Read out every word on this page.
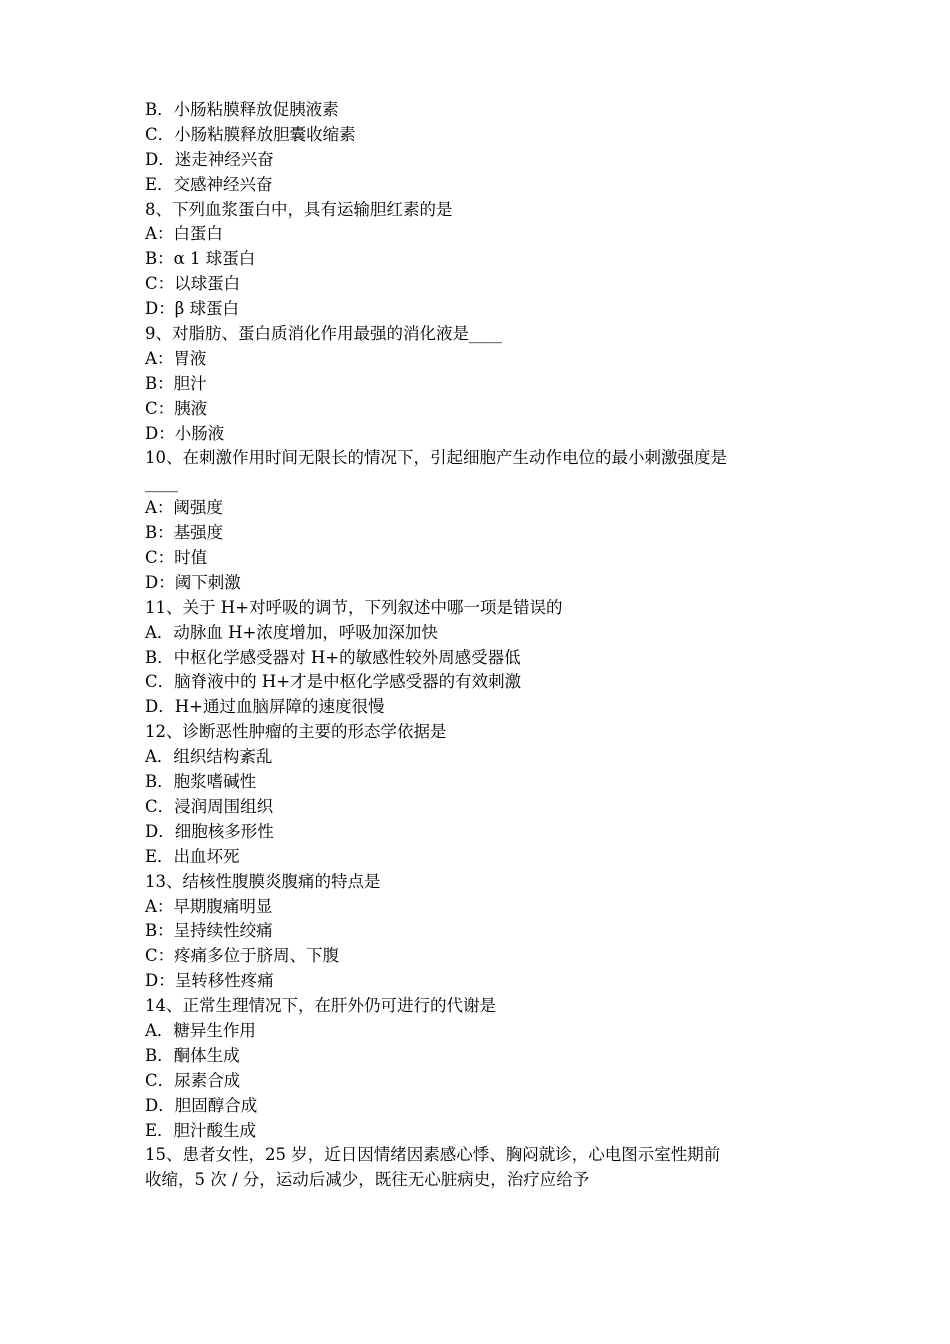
B．小肠粘膜释放促胰液素
C．小肠粘膜释放胆囊收缩素
D．迷走神经兴奋
E．交感神经兴奋
8、下列血浆蛋白中，具有运输胆红素的是
A：白蛋白
B：α 1 球蛋白
C：以球蛋白
D：β 球蛋白
9、对脂肪、蛋白质消化作用最强的消化液是____
A：胃液
B：胆汁
C：胰液
D：小肠液
10、在刺激作用时间无限长的情况下，引起细胞产生动作电位的最小刺激强度是
____
A：阈强度
B：基强度
C：时值
D：阈下刺激
11、关于 H+对呼吸的调节，下列叙述中哪一项是错误的
A．动脉血 H+浓度增加，呼吸加深加快
B．中枢化学感受器对 H+的敏感性较外周感受器低
C．脑脊液中的 H+才是中枢化学感受器的有效刺激
D．H+通过血脑屏障的速度很慢
12、诊断恶性肿瘤的主要的形态学依据是
A．组织结构紊乱
B．胞浆嗜碱性
C．浸润周围组织
D．细胞核多形性
E．出血坏死
13、结核性腹膜炎腹痛的特点是
A：早期腹痛明显
B：呈持续性绞痛
C：疼痛多位于脐周、下腹
D：呈转移性疼痛
14、正常生理情况下，在肝外仍可进行的代谢是
A．糖异生作用
B．酮体生成
C．尿素合成
D．胆固醇合成
E．胆汁酸生成
15、患者女性，25 岁，近日因情绪因素感心悸、胸闷就诊，心电图示室性期前
收缩，5 次 / 分，运动后减少，既往无心脏病史，治疗应给予
